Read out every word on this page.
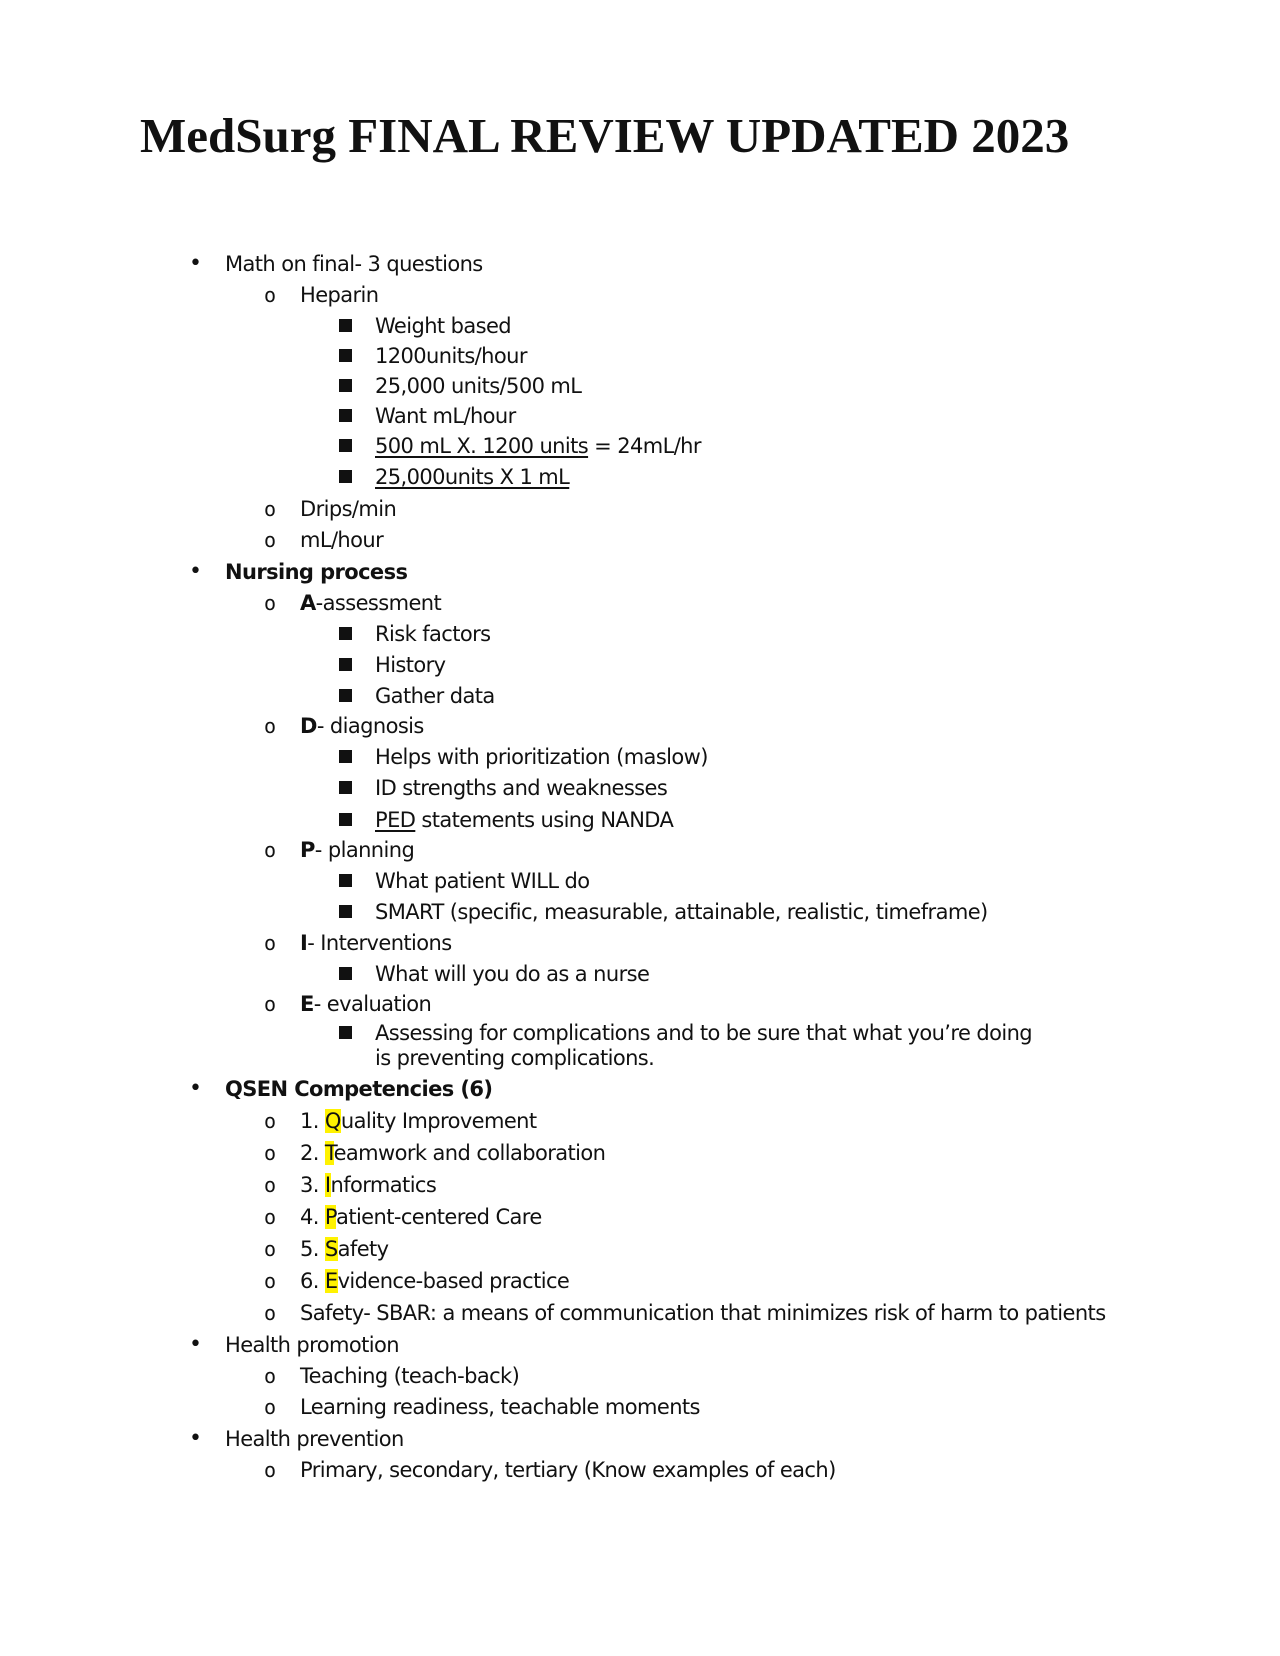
MedSurg FINAL REVIEW UPDATED 2023
• Math on final- 3 questions
o Heparin
Weight based
1200units/hour
25,000 units/500 mL
Want mL/hour
500 mL X. 1200 units = 24mL/hr
25,000units X 1 mL
o Drips/min
o mL/hour
• Nursing process
o A-assessment
Risk factors
History
Gather data
o D- diagnosis
Helps with prioritization (maslow)
ID strengths and weaknesses
PED statements using NANDA
o P- planning
What patient WILL do
SMART (specific, measurable, attainable, realistic, timeframe)
o I- Interventions
What will you do as a nurse
o E- evaluation
Assessing for complications and to be sure that what you’re doing
is preventing complications.
• QSEN Competencies (6)
o 1. Quality Improvement
o 2. Teamwork and collaboration
o 3. Informatics
o 4. Patient-centered Care
o 5. Safety
o 6. Evidence-based practice
o Safety- SBAR: a means of communication that minimizes risk of harm to patients
• Health promotion
o Teaching (teach-back)
o Learning readiness, teachable moments
• Health prevention
o Primary, secondary, tertiary (Know examples of each)
